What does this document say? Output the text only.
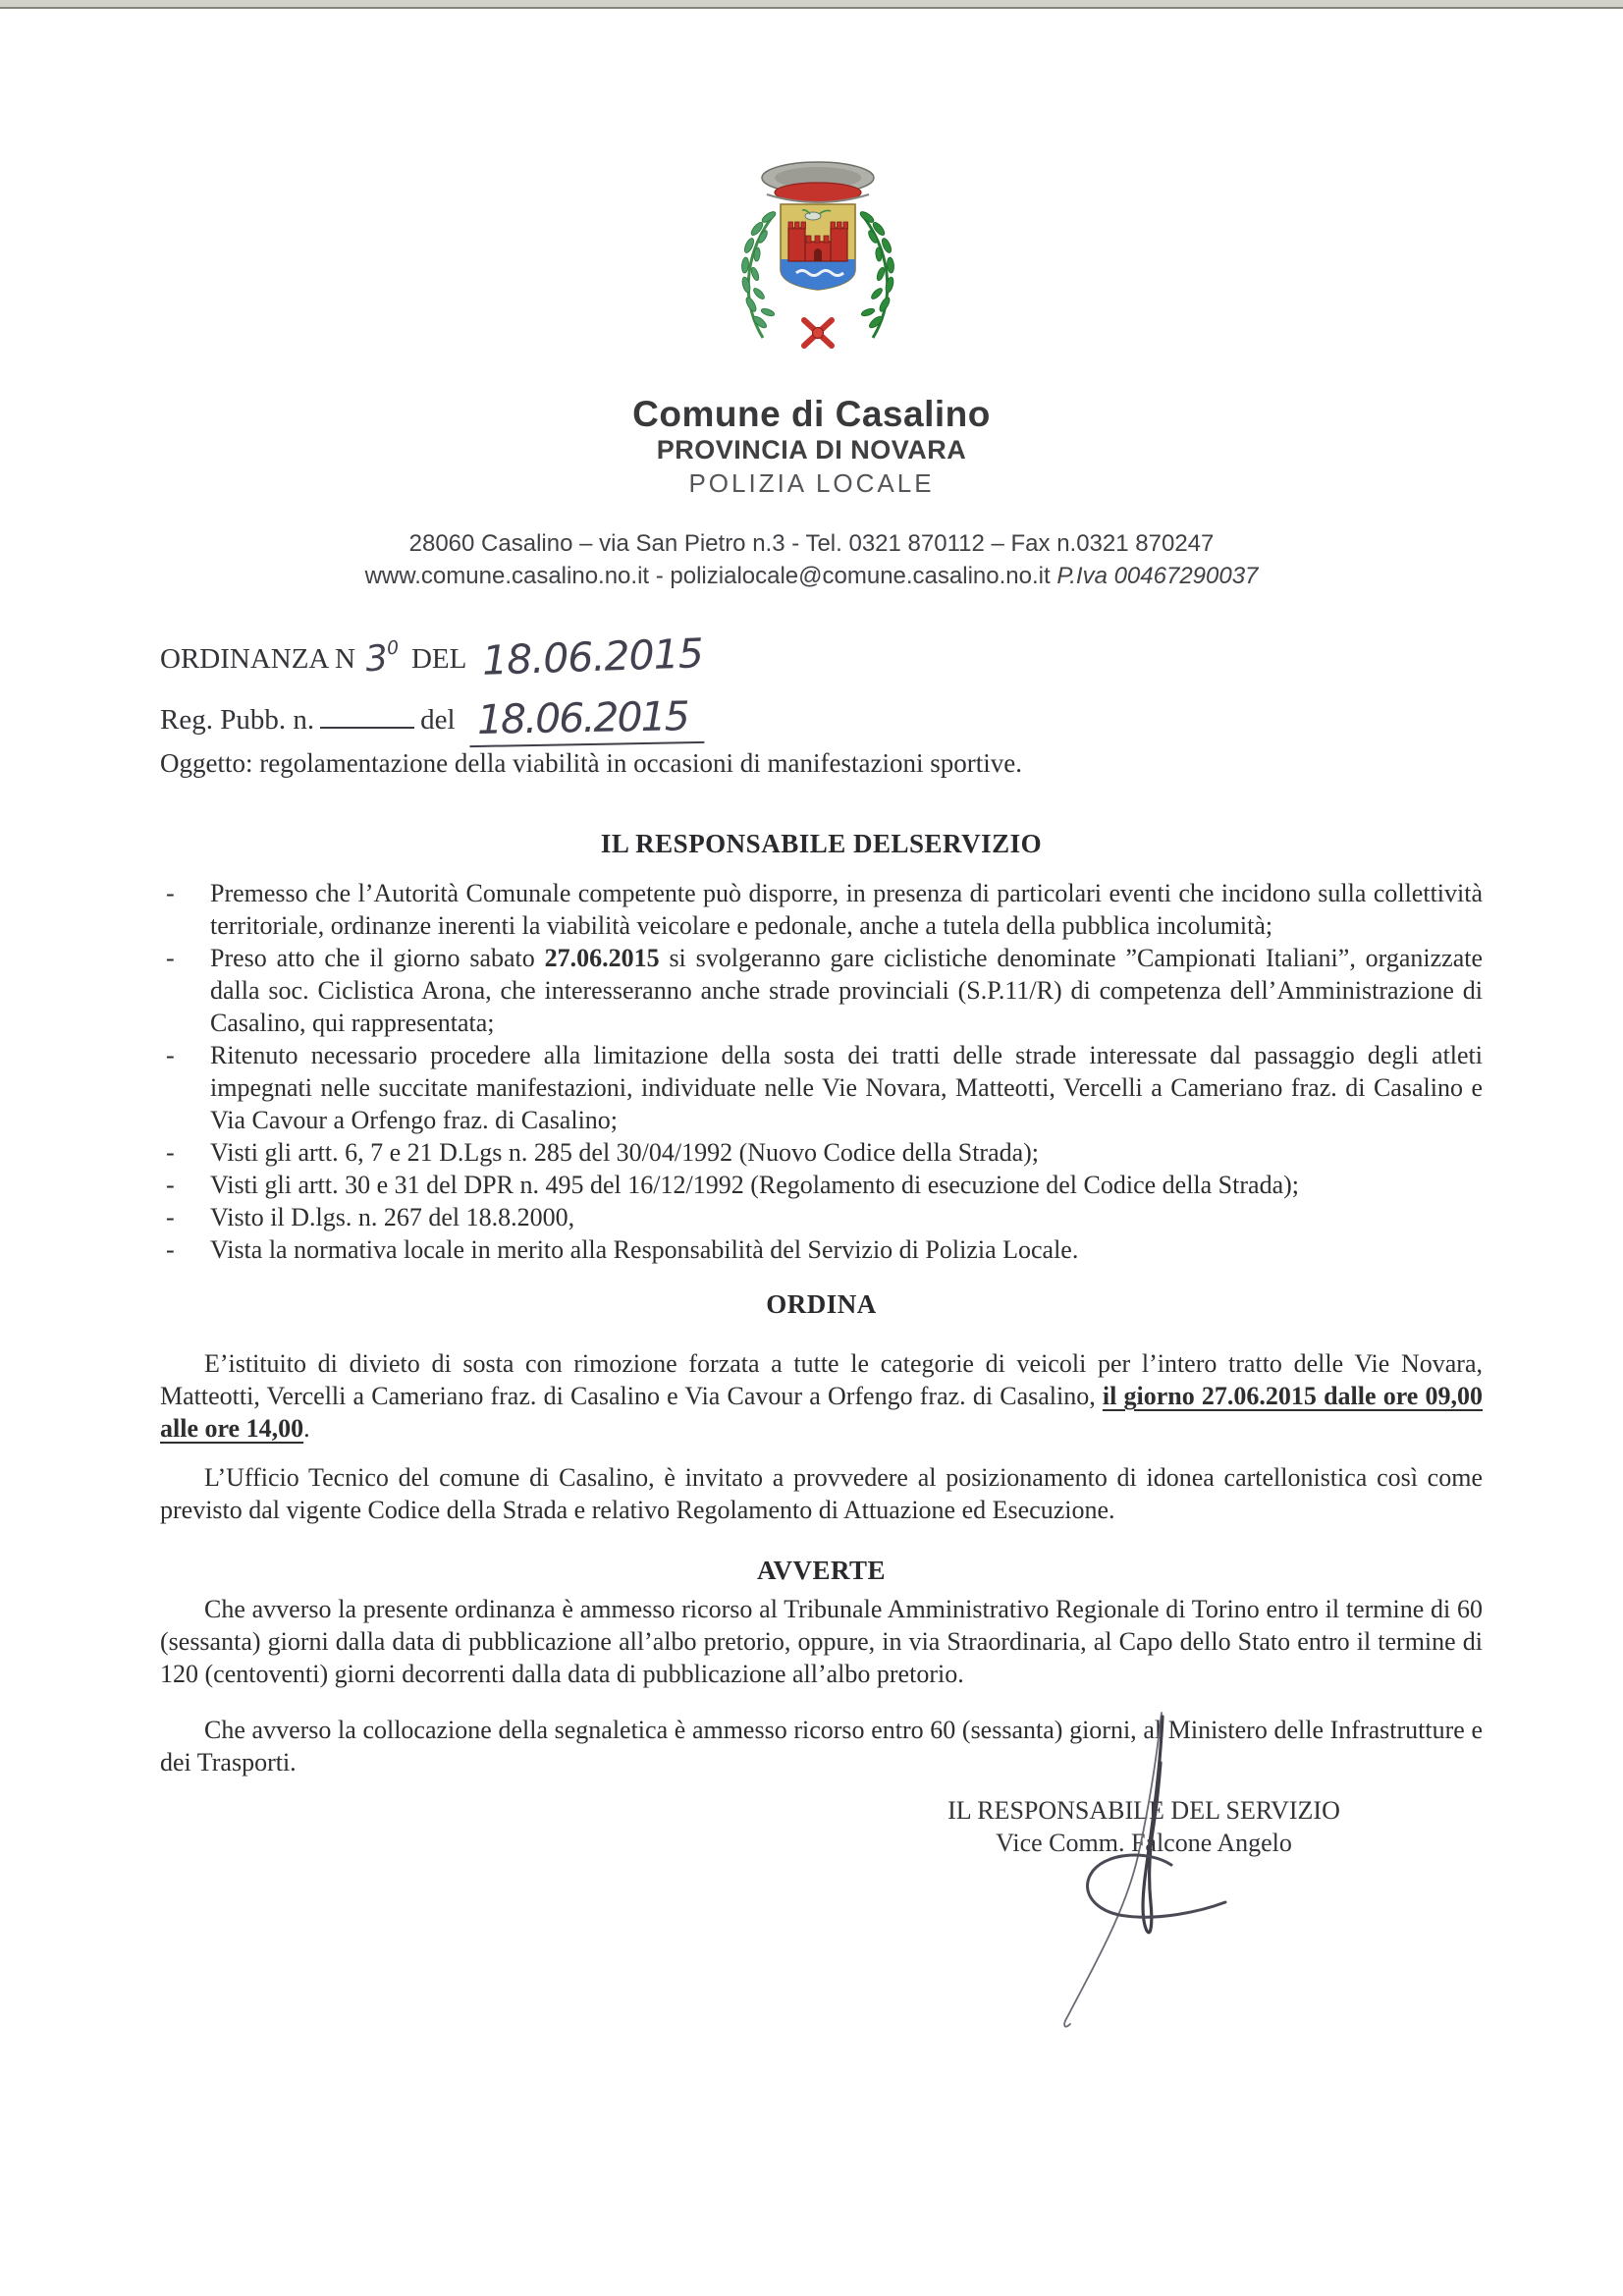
Comune di Casalino
PROVINCIA DI NOVARA
POLIZIA LOCALE
28060 Casalino – via San Pietro n.3 - Tel. 0321 870112 – Fax n.0321 870247
www.comune.casalino.no.it - polizialocale@comune.casalino.no.it P.Iva 00467290037
ORDINANZA N $3^0$ DEL 18.06.2015
Reg. Pubb. n.	del 18.06.2015
Oggetto: regolamentazione della viabilità in occasioni di manifestazioni sportive.
IL RESPONSABILE DELSERVIZIO
- Premesso che l’Autorità Comunale competente può disporre, in presenza di particolari eventi che incidono sulla collettività territoriale, ordinanze inerenti la viabilità veicolare e pedonale, anche a tutela della pubblica incolumità;
- Preso atto che il giorno sabato 27.06.2015 si svolgeranno gare ciclistiche denominate ”Campionati Italiani”, organizzate dalla soc. Ciclistica Arona, che interesseranno anche strade provinciali (S.P.11/R) di competenza dell’Amministrazione di Casalino, qui rappresentata;
- Ritenuto necessario procedere alla limitazione della sosta dei tratti delle strade interessate dal passaggio degli atleti impegnati nelle succitate manifestazioni, individuate nelle Vie Novara, Matteotti, Vercelli a Cameriano fraz. di Casalino e Via Cavour a Orfengo fraz. di Casalino;
- Visti gli artt. 6, 7 e 21 D.Lgs n. 285 del 30/04/1992 (Nuovo Codice della Strada);
- Visti gli artt. 30 e 31 del DPR n. 495 del 16/12/1992 (Regolamento di esecuzione del Codice della Strada);
- Visto il D.lgs. n. 267 del 18.8.2000,
- Vista la normativa locale in merito alla Responsabilità del Servizio di Polizia Locale.
ORDINA
E’istituito di divieto di sosta con rimozione forzata a tutte le categorie di veicoli per l’intero tratto delle Vie Novara, Matteotti, Vercelli a Cameriano fraz. di Casalino e Via Cavour a Orfengo fraz. di Casalino, il giorno 27.06.2015 dalle ore 09,00 alle ore 14,00.
L’Ufficio Tecnico del comune di Casalino, è invitato a provvedere al posizionamento di idonea cartellonistica così come previsto dal vigente Codice della Strada e relativo Regolamento di Attuazione ed Esecuzione.
AVVERTE
Che avverso la presente ordinanza è ammesso ricorso al Tribunale Amministrativo Regionale di Torino entro il termine di 60 (sessanta) giorni dalla data di pubblicazione all’albo pretorio, oppure, in via Straordinaria, al Capo dello Stato entro il termine di 120 (centoventi) giorni decorrenti dalla data di pubblicazione all’albo pretorio.
Che avverso la collocazione della segnaletica è ammesso ricorso entro 60 (sessanta) giorni, al Ministero delle Infrastrutture e dei Trasporti.
IL RESPONSABILE DEL SERVIZIO
Vice Comm. Falcone Angelo
